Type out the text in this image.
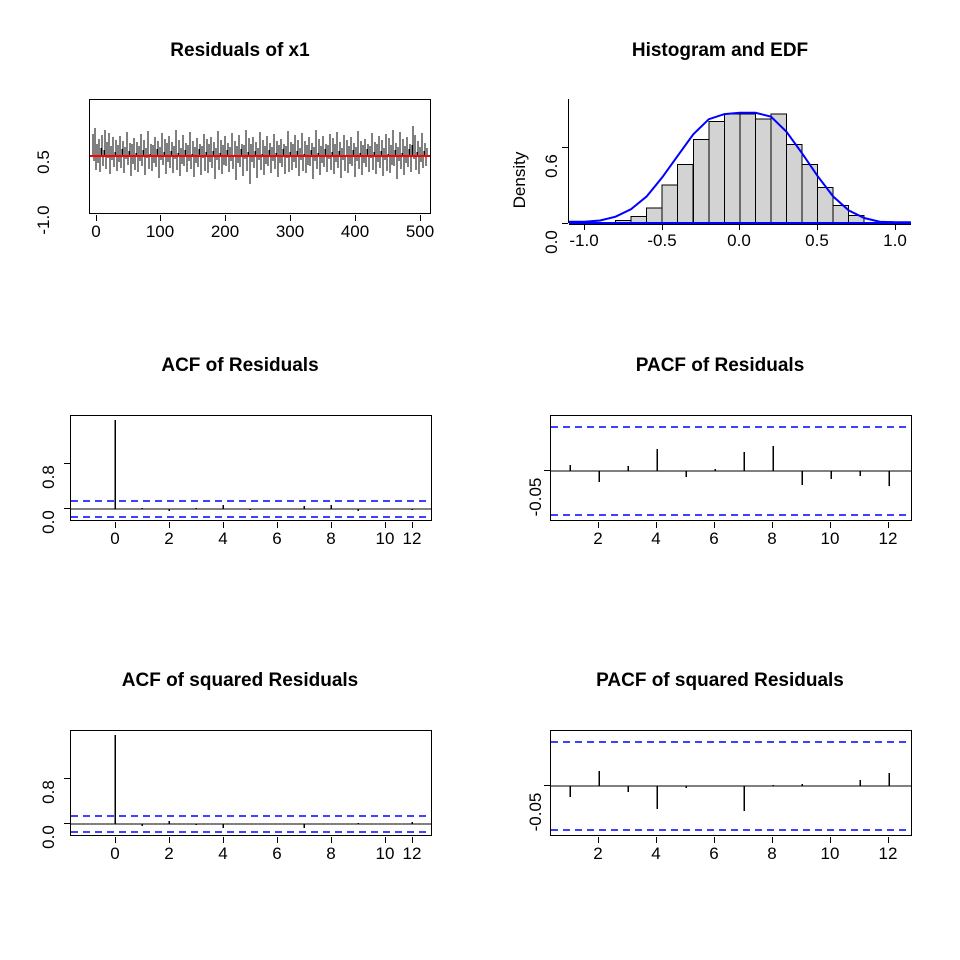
Residuals of x1
0.5
-1.0 0	100 200 300 400 500
Histogram and EDF
Density
0.0
0.6
-1.0	-0.5	0.0	0.5	1.0
ACF of Residuals
0.8
0.0
0	2	4	6	8 10 12
PACF of Residuals
-0.05
2	4	6	8	10 12
ACF of squared Residuals
0.8
0.0
0	2	4	6	8 10 12
PACF of squared Residuals
-0.05
2	4	6	8	10 12
